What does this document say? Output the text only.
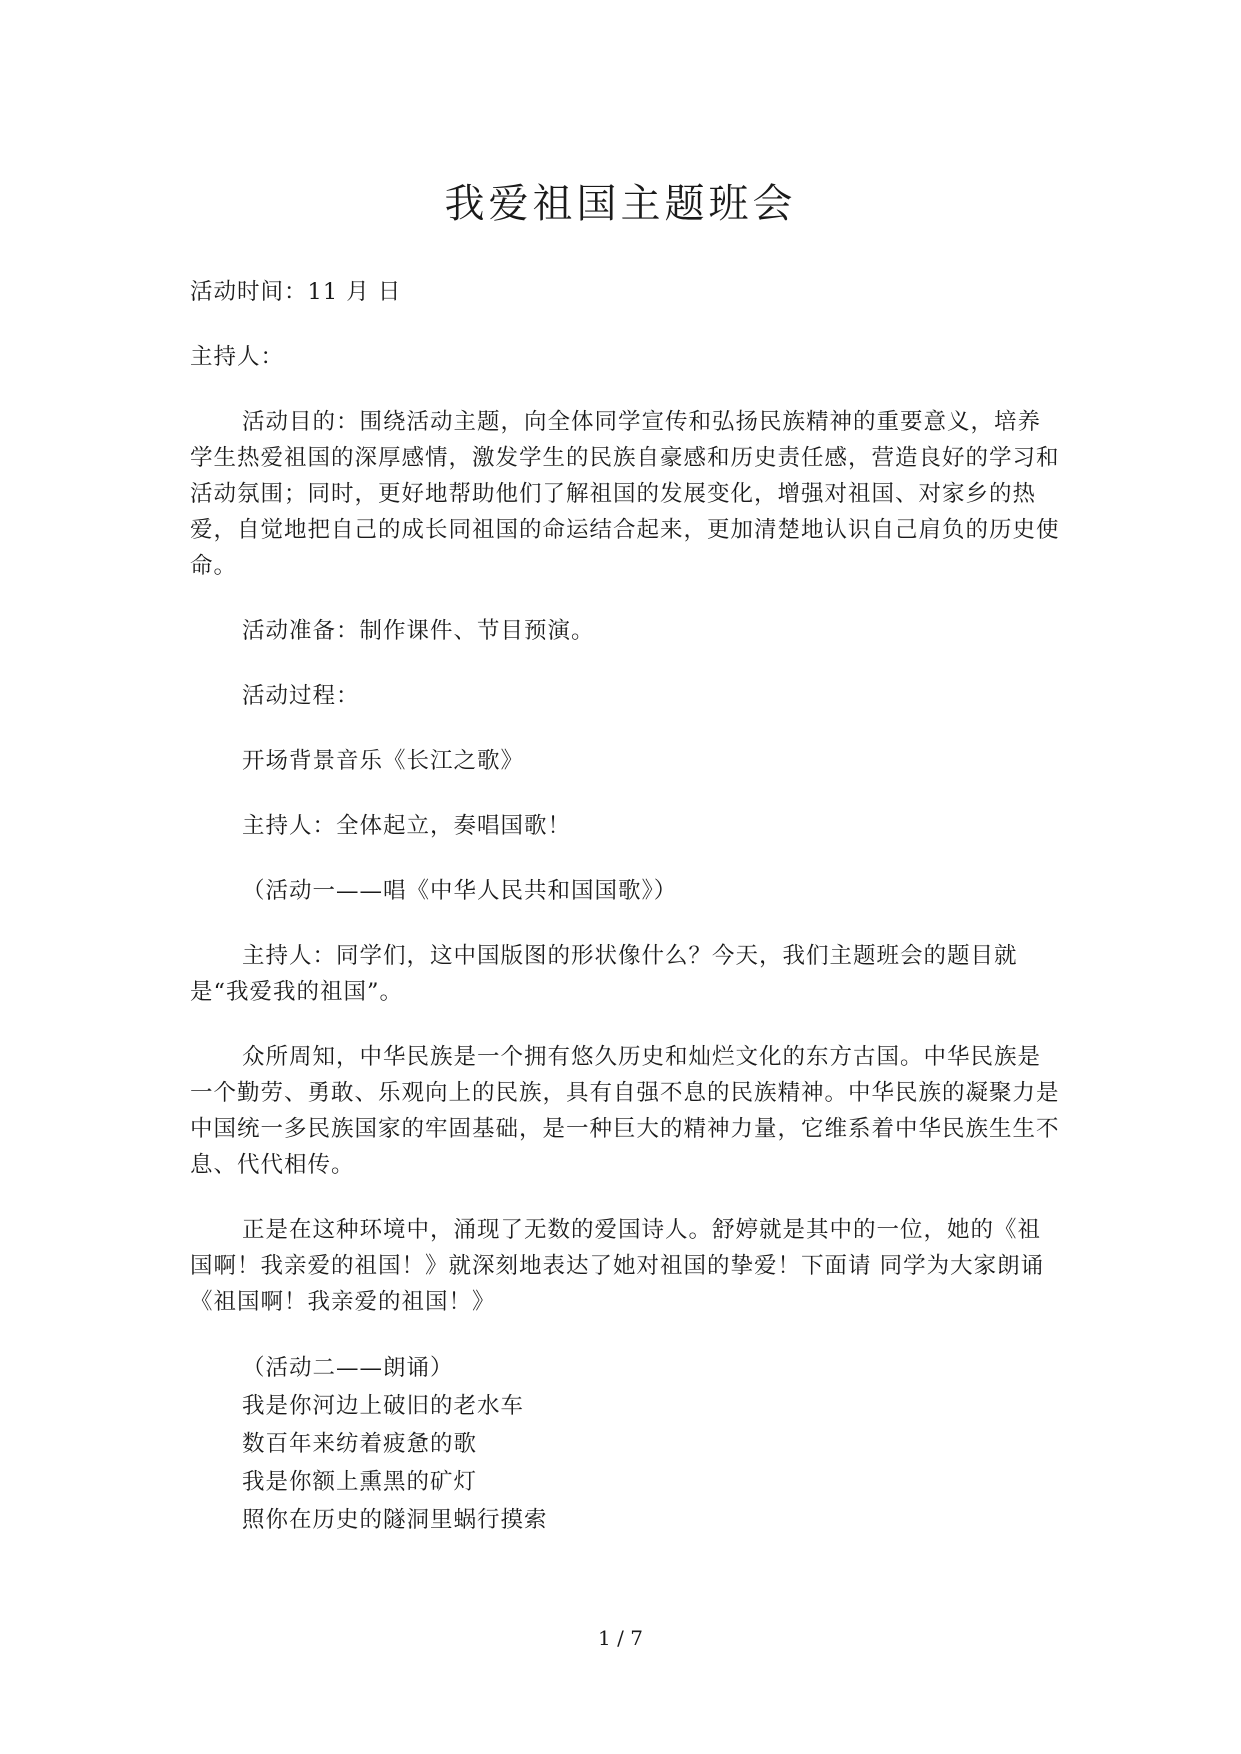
我爱祖国主题班会

活动时间：11 月 日

主持人：

活动目的：围绕活动主题，向全体同学宣传和弘扬民族精神的重要意义，培养学生热爱祖国的深厚感情，激发学生的民族自豪感和历史责任感，营造良好的学习和活动氛围；同时，更好地帮助他们了解祖国的发展变化，增强对祖国、对家乡的热爱，自觉地把自己的成长同祖国的命运结合起来，更加清楚地认识自己肩负的历史使命。

活动准备：制作课件、节目预演。

活动过程：

开场背景音乐《长江之歌》

主持人：全体起立，奏唱国歌！

（活动一——唱《中华人民共和国国歌》）

主持人：同学们，这中国版图的形状像什么？今天，我们主题班会的题目就是“我爱我的祖国”。

众所周知，中华民族是一个拥有悠久历史和灿烂文化的东方古国。中华民族是一个勤劳、勇敢、乐观向上的民族，具有自强不息的民族精神。中华民族的凝聚力是中国统一多民族国家的牢固基础，是一种巨大的精神力量，它维系着中华民族生生不息、代代相传。

正是在这种环境中，涌现了无数的爱国诗人。舒婷就是其中的一位，她的《祖国啊！我亲爱的祖国！》就深刻地表达了她对祖国的挚爱！下面请 同学为大家朗诵《祖国啊！我亲爱的祖国！》

（活动二——朗诵）

我是你河边上破旧的老水车

数百年来纺着疲惫的歌

我是你额上熏黑的矿灯

照你在历史的隧洞里蜗行摸索

1 / 7
